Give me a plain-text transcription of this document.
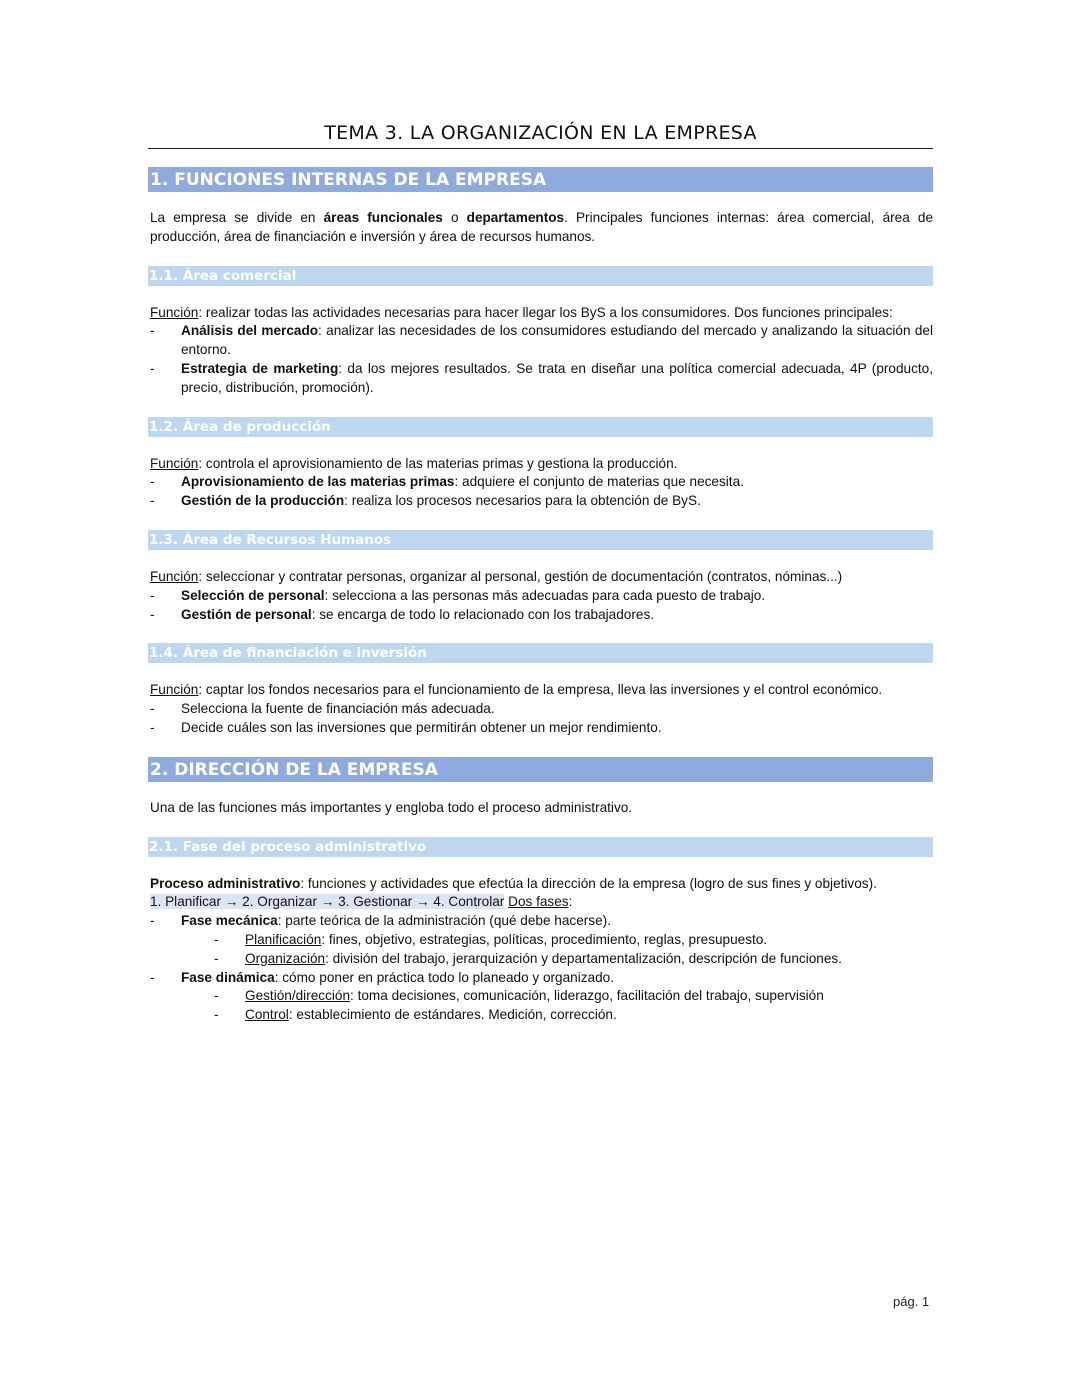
TEMA 3. LA ORGANIZACIÓN EN LA EMPRESA
1. FUNCIONES INTERNAS DE LA EMPRESA

La empresa se divide en áreas funcionales o departamentos. Principales funciones internas: área comercial, área de producción, área de financiación e inversión y área de recursos humanos.

1.1. Área comercial

Función: realizar todas las actividades necesarias para hacer llegar los ByS a los consumidores. Dos funciones principales:

- Análisis del mercado: analizar las necesidades de los consumidores estudiando del mercado y analizando la situación del entorno.
- Estrategia de marketing: da los mejores resultados. Se trata en diseñar una política comercial adecuada, 4P (producto, precio, distribución, promoción).
1.2. Área de producción

Función: controla el aprovisionamiento de las materias primas y gestiona la producción.

- Aprovisionamiento de las materias primas: adquiere el conjunto de materias que necesita.
- Gestión de la producción: realiza los procesos necesarios para la obtención de ByS.
1.3. Área de Recursos Humanos

Función: seleccionar y contratar personas, organizar al personal, gestión de documentación (contratos, nóminas...)

- Selección de personal: selecciona a las personas más adecuadas para cada puesto de trabajo.
- Gestión de personal: se encarga de todo lo relacionado con los trabajadores.
1.4. Área de financiación e inversión

Función: captar los fondos necesarios para el funcionamiento de la empresa, lleva las inversiones y el control económico.

- Selecciona la fuente de financiación más adecuada.
- Decide cuáles son las inversiones que permitirán obtener un mejor rendimiento.
2. DIRECCIÓN DE LA EMPRESA

Una de las funciones más importantes y engloba todo el proceso administrativo.

2.1. Fase del proceso administrativo

Proceso administrativo: funciones y actividades que efectúa la dirección de la empresa (logro de sus fines y objetivos).

1. Planificar → 2. Organizar → 3. Gestionar → 4. Controlar Dos fases:

- Fase mecánica: parte teórica de la administración (qué debe hacerse).
- Planificación: fines, objetivo, estrategias, políticas, procedimiento, reglas, presupuesto.
- Organización: división del trabajo, jerarquización y departamentalización, descripción de funciones.
- Fase dinámica: cómo poner en práctica todo lo planeado y organizado.
- Gestión/dirección: toma decisiones, comunicación, liderazgo, facilitación del trabajo, supervisión
- Control: establecimiento de estándares. Medición, corrección.
pág. 1
